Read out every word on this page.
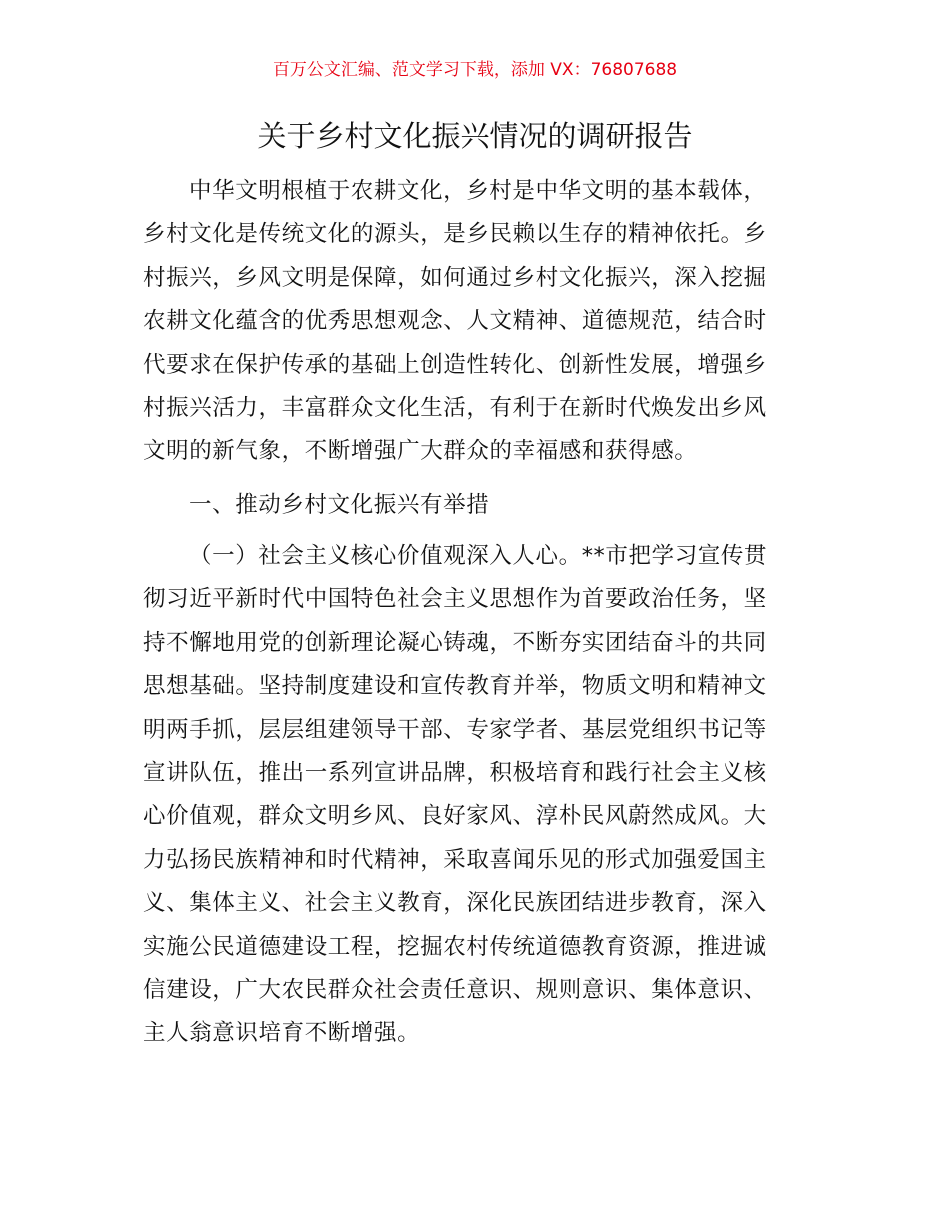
百万公文汇编、范文学习下载，添加 VX：76807688
关于乡村文化振兴情况的调研报告
中华文明根植于农耕文化，乡村是中华文明的基本载体，
乡村文化是传统文化的源头，是乡民赖以生存的精神依托。乡
村振兴，乡风文明是保障，如何通过乡村文化振兴，深入挖掘
农耕文化蕴含的优秀思想观念、人文精神、道德规范，结合时
代要求在保护传承的基础上创造性转化、创新性发展，增强乡
村振兴活力，丰富群众文化生活，有利于在新时代焕发出乡风
文明的新气象，不断增强广大群众的幸福感和获得感。
一、推动乡村文化振兴有举措
（一）社会主义核心价值观深入人心。**市把学习宣传贯
彻习近平新时代中国特色社会主义思想作为首要政治任务，坚
持不懈地用党的创新理论凝心铸魂，不断夯实团结奋斗的共同
思想基础。坚持制度建设和宣传教育并举，物质文明和精神文
明两手抓，层层组建领导干部、专家学者、基层党组织书记等
宣讲队伍，推出一系列宣讲品牌，积极培育和践行社会主义核
心价值观，群众文明乡风、良好家风、淳朴民风蔚然成风。大
力弘扬民族精神和时代精神，采取喜闻乐见的形式加强爱国主
义、集体主义、社会主义教育，深化民族团结进步教育，深入
实施公民道德建设工程，挖掘农村传统道德教育资源，推进诚
信建设，广大农民群众社会责任意识、规则意识、集体意识、
主人翁意识培育不断增强。
